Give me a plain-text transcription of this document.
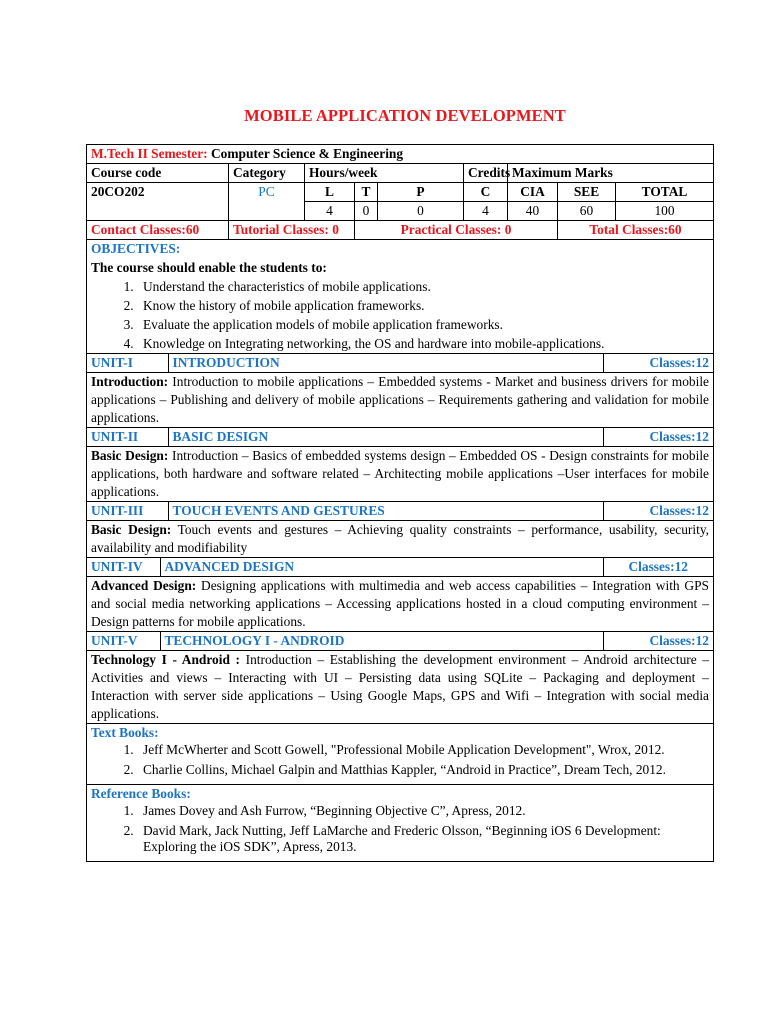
MOBILE APPLICATION DEVELOPMENT
M.Tech II Semester: Computer Science & Engineering
Course code	Category	Hours/week	Credits	Maximum Marks
20CO202	PC	L	T	P	C	CIA	SEE	TOTAL
4	0	0	4	40	60	100
Contact Classes:60	Tutorial Classes: 0	Practical Classes: 0	Total Classes:60

OBJECTIVES:
The course should enable the students to:
1. Understand the characteristics of mobile applications.
2. Know the history of mobile application frameworks.
3. Evaluate the application models of mobile application frameworks.
4. Knowledge on Integrating networking, the OS and hardware into mobile-applications.

UNIT-I	INTRODUCTION	Classes:12

Introduction: Introduction to mobile applications – Embedded systems - Market and business drivers for mobile applications – Publishing and delivery of mobile applications – Requirements gathering and validation for mobile applications.

UNIT-II	BASIC DESIGN	Classes:12

Basic Design: Introduction – Basics of embedded systems design – Embedded OS - Design constraints for mobile applications, both hardware and software related – Architecting mobile applications –User interfaces for mobile applications.

UNIT-III	TOUCH EVENTS AND GESTURES	Classes:12

Basic Design: Touch events and gestures – Achieving quality constraints – performance, usability, security, availability and modifiability

UNIT-IV	ADVANCED DESIGN	Classes:12

Advanced Design: Designing applications with multimedia and web access capabilities – Integration with GPS and social media networking applications – Accessing applications hosted in a cloud computing environment – Design patterns for mobile applications.

UNIT-V	TECHNOLOGY I - ANDROID	Classes:12

Technology I - Android : Introduction – Establishing the development environment – Android architecture – Activities and views – Interacting with UI – Persisting data using SQLite – Packaging and deployment – Interaction with server side applications – Using Google Maps, GPS and Wifi – Integration with social media applications.

Text Books:
1. Jeff McWherter and Scott Gowell, "Professional Mobile Application Development", Wrox, 2012.
2. Charlie Collins, Michael Galpin and Matthias Kappler, “Android in Practice”, Dream Tech, 2012.

Reference Books:
1. James Dovey and Ash Furrow, “Beginning Objective C”, Apress, 2012.
2. David Mark, Jack Nutting, Jeff LaMarche and Frederic Olsson, “Beginning iOS 6 Development: Exploring the iOS SDK”, Apress, 2013.
